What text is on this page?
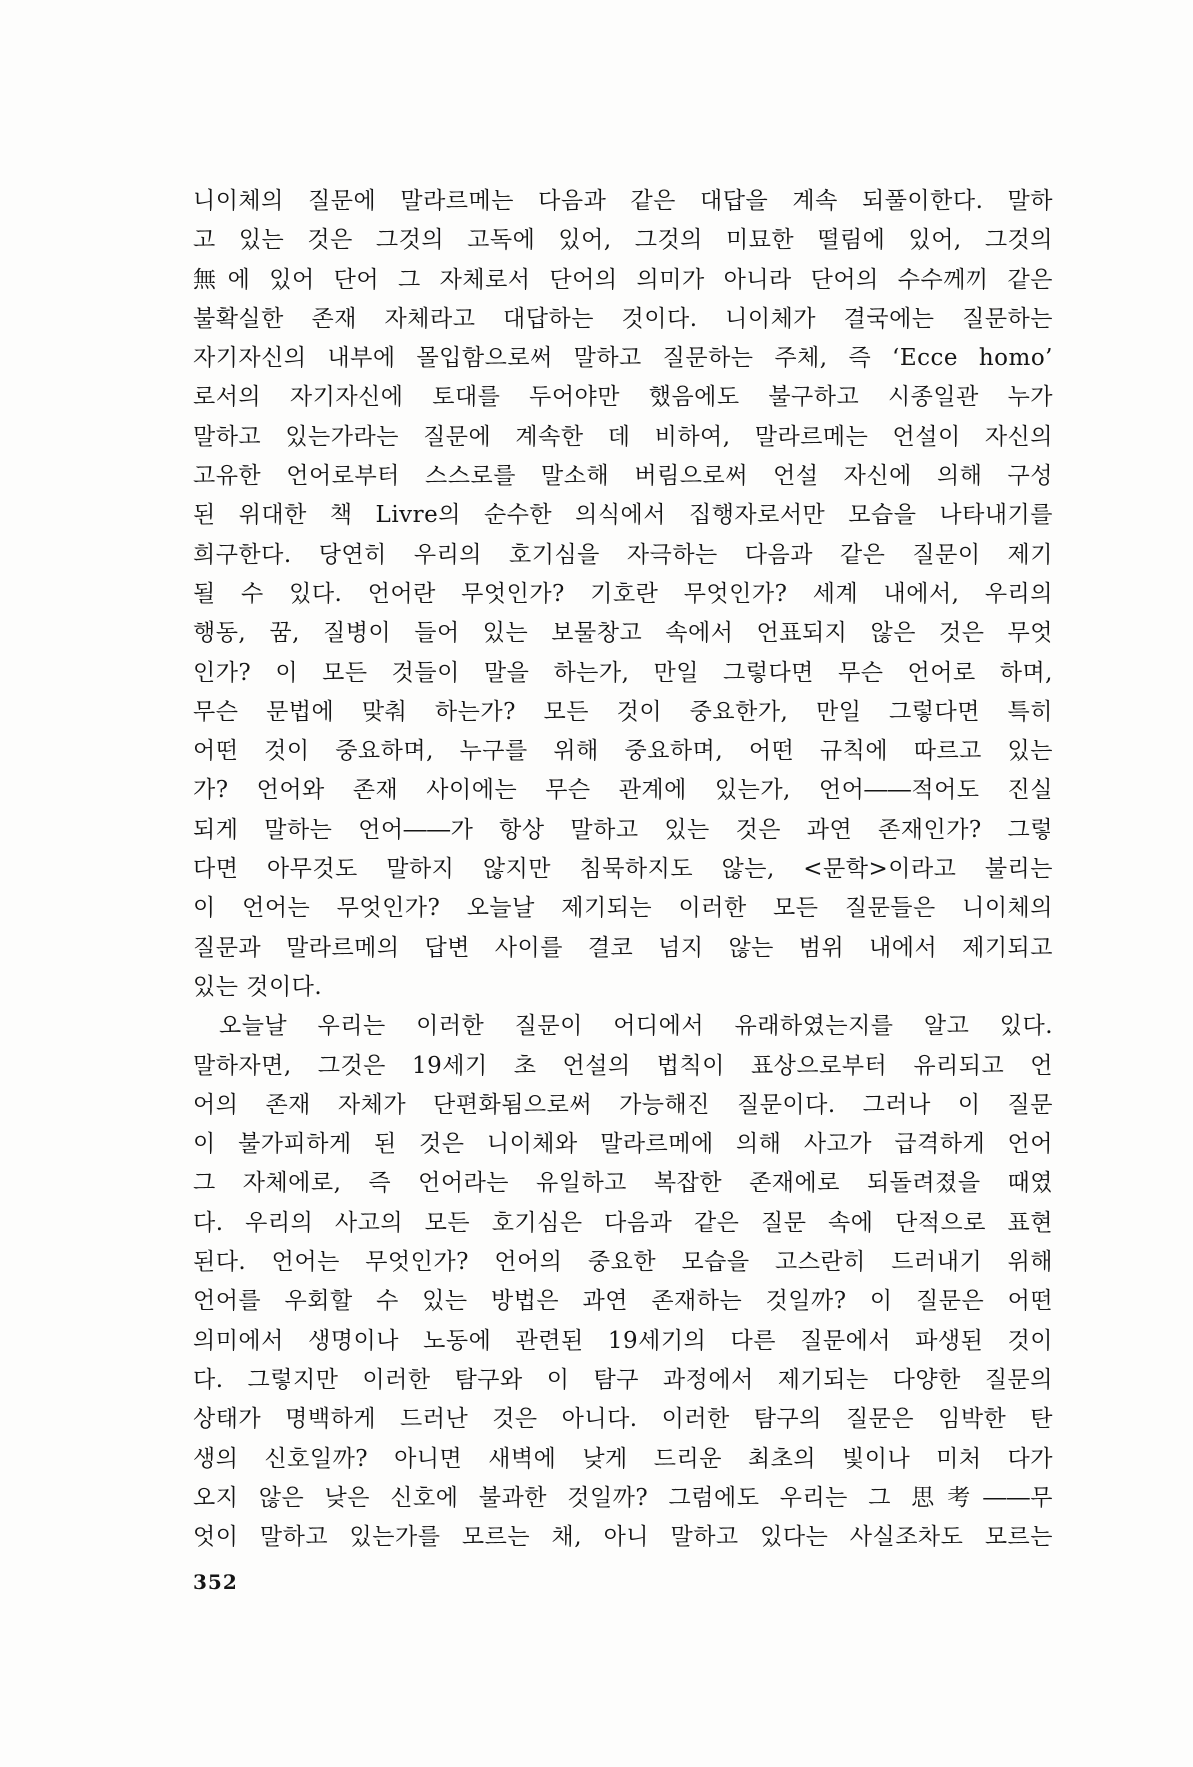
니이체의 질문에 말라르메는 다음과 같은 대답을 계속 되풀이한다. 말하
고 있는 것은 그것의 고독에 있어, 그것의 미묘한 떨림에 있어, 그것의
無에 있어 단어 그 자체로서 단어의 의미가 아니라 단어의 수수께끼 같은
불확실한 존재 자체라고 대답하는 것이다. 니이체가 결국에는 질문하는
자기자신의 내부에 몰입함으로써 말하고 질문하는 주체, 즉 ‘Ecce homo’
로서의 자기자신에 토대를 두어야만 했음에도 불구하고 시종일관 누가
말하고 있는가라는 질문에 계속한 데 비하여, 말라르메는 언설이 자신의
고유한 언어로부터 스스로를 말소해 버림으로써 언설 자신에 의해 구성
된 위대한 책 Livre의 순수한 의식에서 집행자로서만 모습을 나타내기를
희구한다. 당연히 우리의 호기심을 자극하는 다음과 같은 질문이 제기
될 수 있다. 언어란 무엇인가? 기호란 무엇인가? 세계 내에서, 우리의
행동, 꿈, 질병이 들어 있는 보물창고 속에서 언표되지 않은 것은 무엇
인가? 이 모든 것들이 말을 하는가, 만일 그렇다면 무슨 언어로 하며,
무슨 문법에 맞춰 하는가? 모든 것이 중요한가, 만일 그렇다면 특히
어떤 것이 중요하며, 누구를 위해 중요하며, 어떤 규칙에 따르고 있는
가? 언어와 존재 사이에는 무슨 관계에 있는가, 언어――적어도 진실
되게 말하는 언어――가 항상 말하고 있는 것은 과연 존재인가? 그렇
다면 아무것도 말하지 않지만 침묵하지도 않는, <문학>이라고 불리는
이 언어는 무엇인가? 오늘날 제기되는 이러한 모든 질문들은 니이체의
질문과 말라르메의 답변 사이를 결코 넘지 않는 범위 내에서 제기되고
있는 것이다.
오늘날 우리는 이러한 질문이 어디에서 유래하였는지를 알고 있다.
말하자면, 그것은 19세기 초 언설의 법칙이 표상으로부터 유리되고 언
어의 존재 자체가 단편화됨으로써 가능해진 질문이다. 그러나 이 질문
이 불가피하게 된 것은 니이체와 말라르메에 의해 사고가 급격하게 언어
그 자체에로, 즉 언어라는 유일하고 복잡한 존재에로 되돌려졌을 때였
다. 우리의 사고의 모든 호기심은 다음과 같은 질문 속에 단적으로 표현
된다. 언어는 무엇인가? 언어의 중요한 모습을 고스란히 드러내기 위해
언어를 우회할 수 있는 방법은 과연 존재하는 것일까? 이 질문은 어떤
의미에서 생명이나 노동에 관련된 19세기의 다른 질문에서 파생된 것이
다. 그렇지만 이러한 탐구와 이 탐구 과정에서 제기되는 다양한 질문의
상태가 명백하게 드러난 것은 아니다. 이러한 탐구의 질문은 임박한 탄
생의 신호일까? 아니면 새벽에 낮게 드리운 최초의 빛이나 미처 다가
오지 않은 낮은 신호에 불과한 것일까? 그럼에도 우리는 그 思考――무
엇이 말하고 있는가를 모르는 채, 아니 말하고 있다는 사실조차도 모르는
352
